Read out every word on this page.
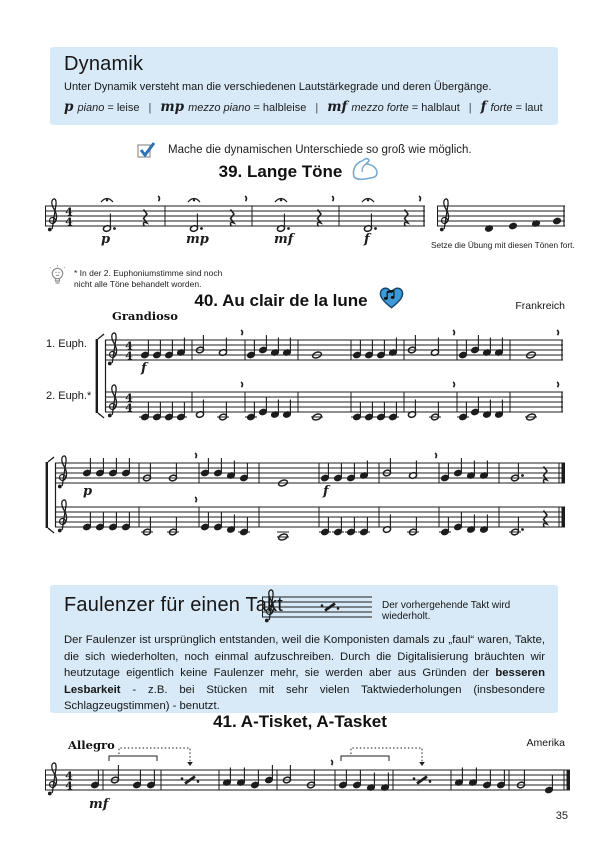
Dynamik
Unter Dynamik versteht man die verschiedenen Lautstärkegrade und deren Übergänge.
p piano = leise | mp mezzo piano = halbleise | mf mezzo forte = halblaut | f forte = laut
Mache die dynamischen Unterschiede so groß wie möglich.
39. Lange Töne
4
4
p	mp	mf	f	Setze die Übung mit diesen Tönen fort.
* In der 2. Euphoniumstimme sind noch
nicht alle Töne behandelt worden.
40. Au clair de la lune	Frankreich
Grandioso
1. Euph.
2. Euph.*
4
4
f
4
4
p	f
Faulenzer für einen Takt	Der vorhergehende Takt wird wiederholt.
Der Faulenzer ist ursprünglich entstanden, weil die Komponisten damals zu „faul“ waren, Takte, die sich wiederholten, noch einmal aufzuschreiben. Durch die Digitalisierung bräuchten wir heutzutage eigentlich keine Faulenzer mehr, sie werden aber aus Gründen der besseren Lesbarkeit - z.B. bei Stücken mit sehr vielen Taktwiederholungen (insbesondere Schlagzeugstimmen) - benutzt.
41. A-Tisket, A-Tasket
Amerika
Allegro
4
4
mf
35
